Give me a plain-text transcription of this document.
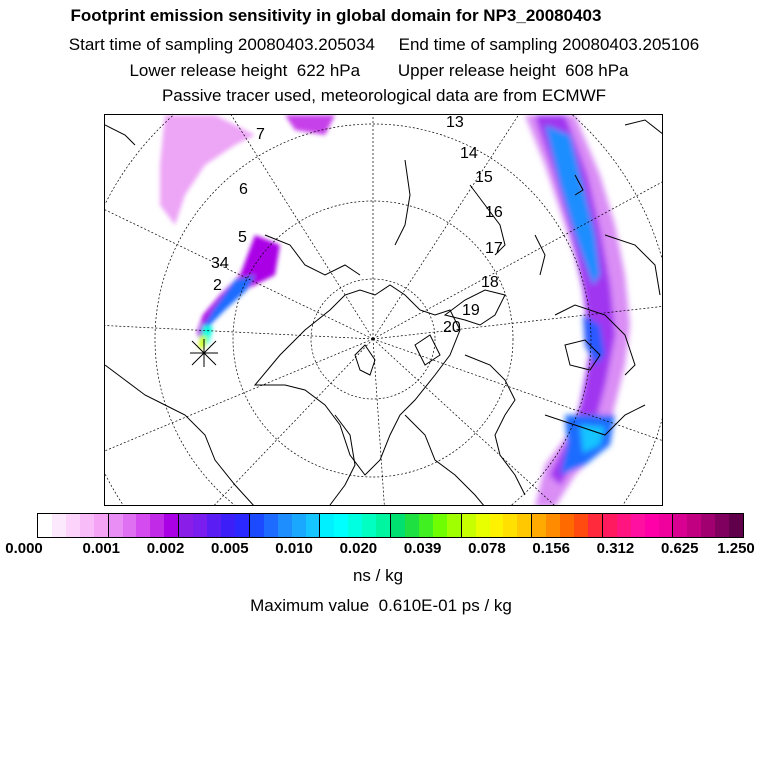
Footprint emission sensitivity in global domain for NP3_20080403
Start time of sampling 20080403.205034 End time of sampling 20080403.205106
Lower release height 622 hPa Upper release height 608 hPa
Passive tracer used, meteorological data are from ECMWF
2
34
5
6
7
13
14
15
16
17
18
19
20
0.000	0.001 0.002 0.005 0.010 0.020 0.039 0.078 0.156 0.312 0.625 1.250
ns / kg
Maximum value 0.610E-01 ps / kg
